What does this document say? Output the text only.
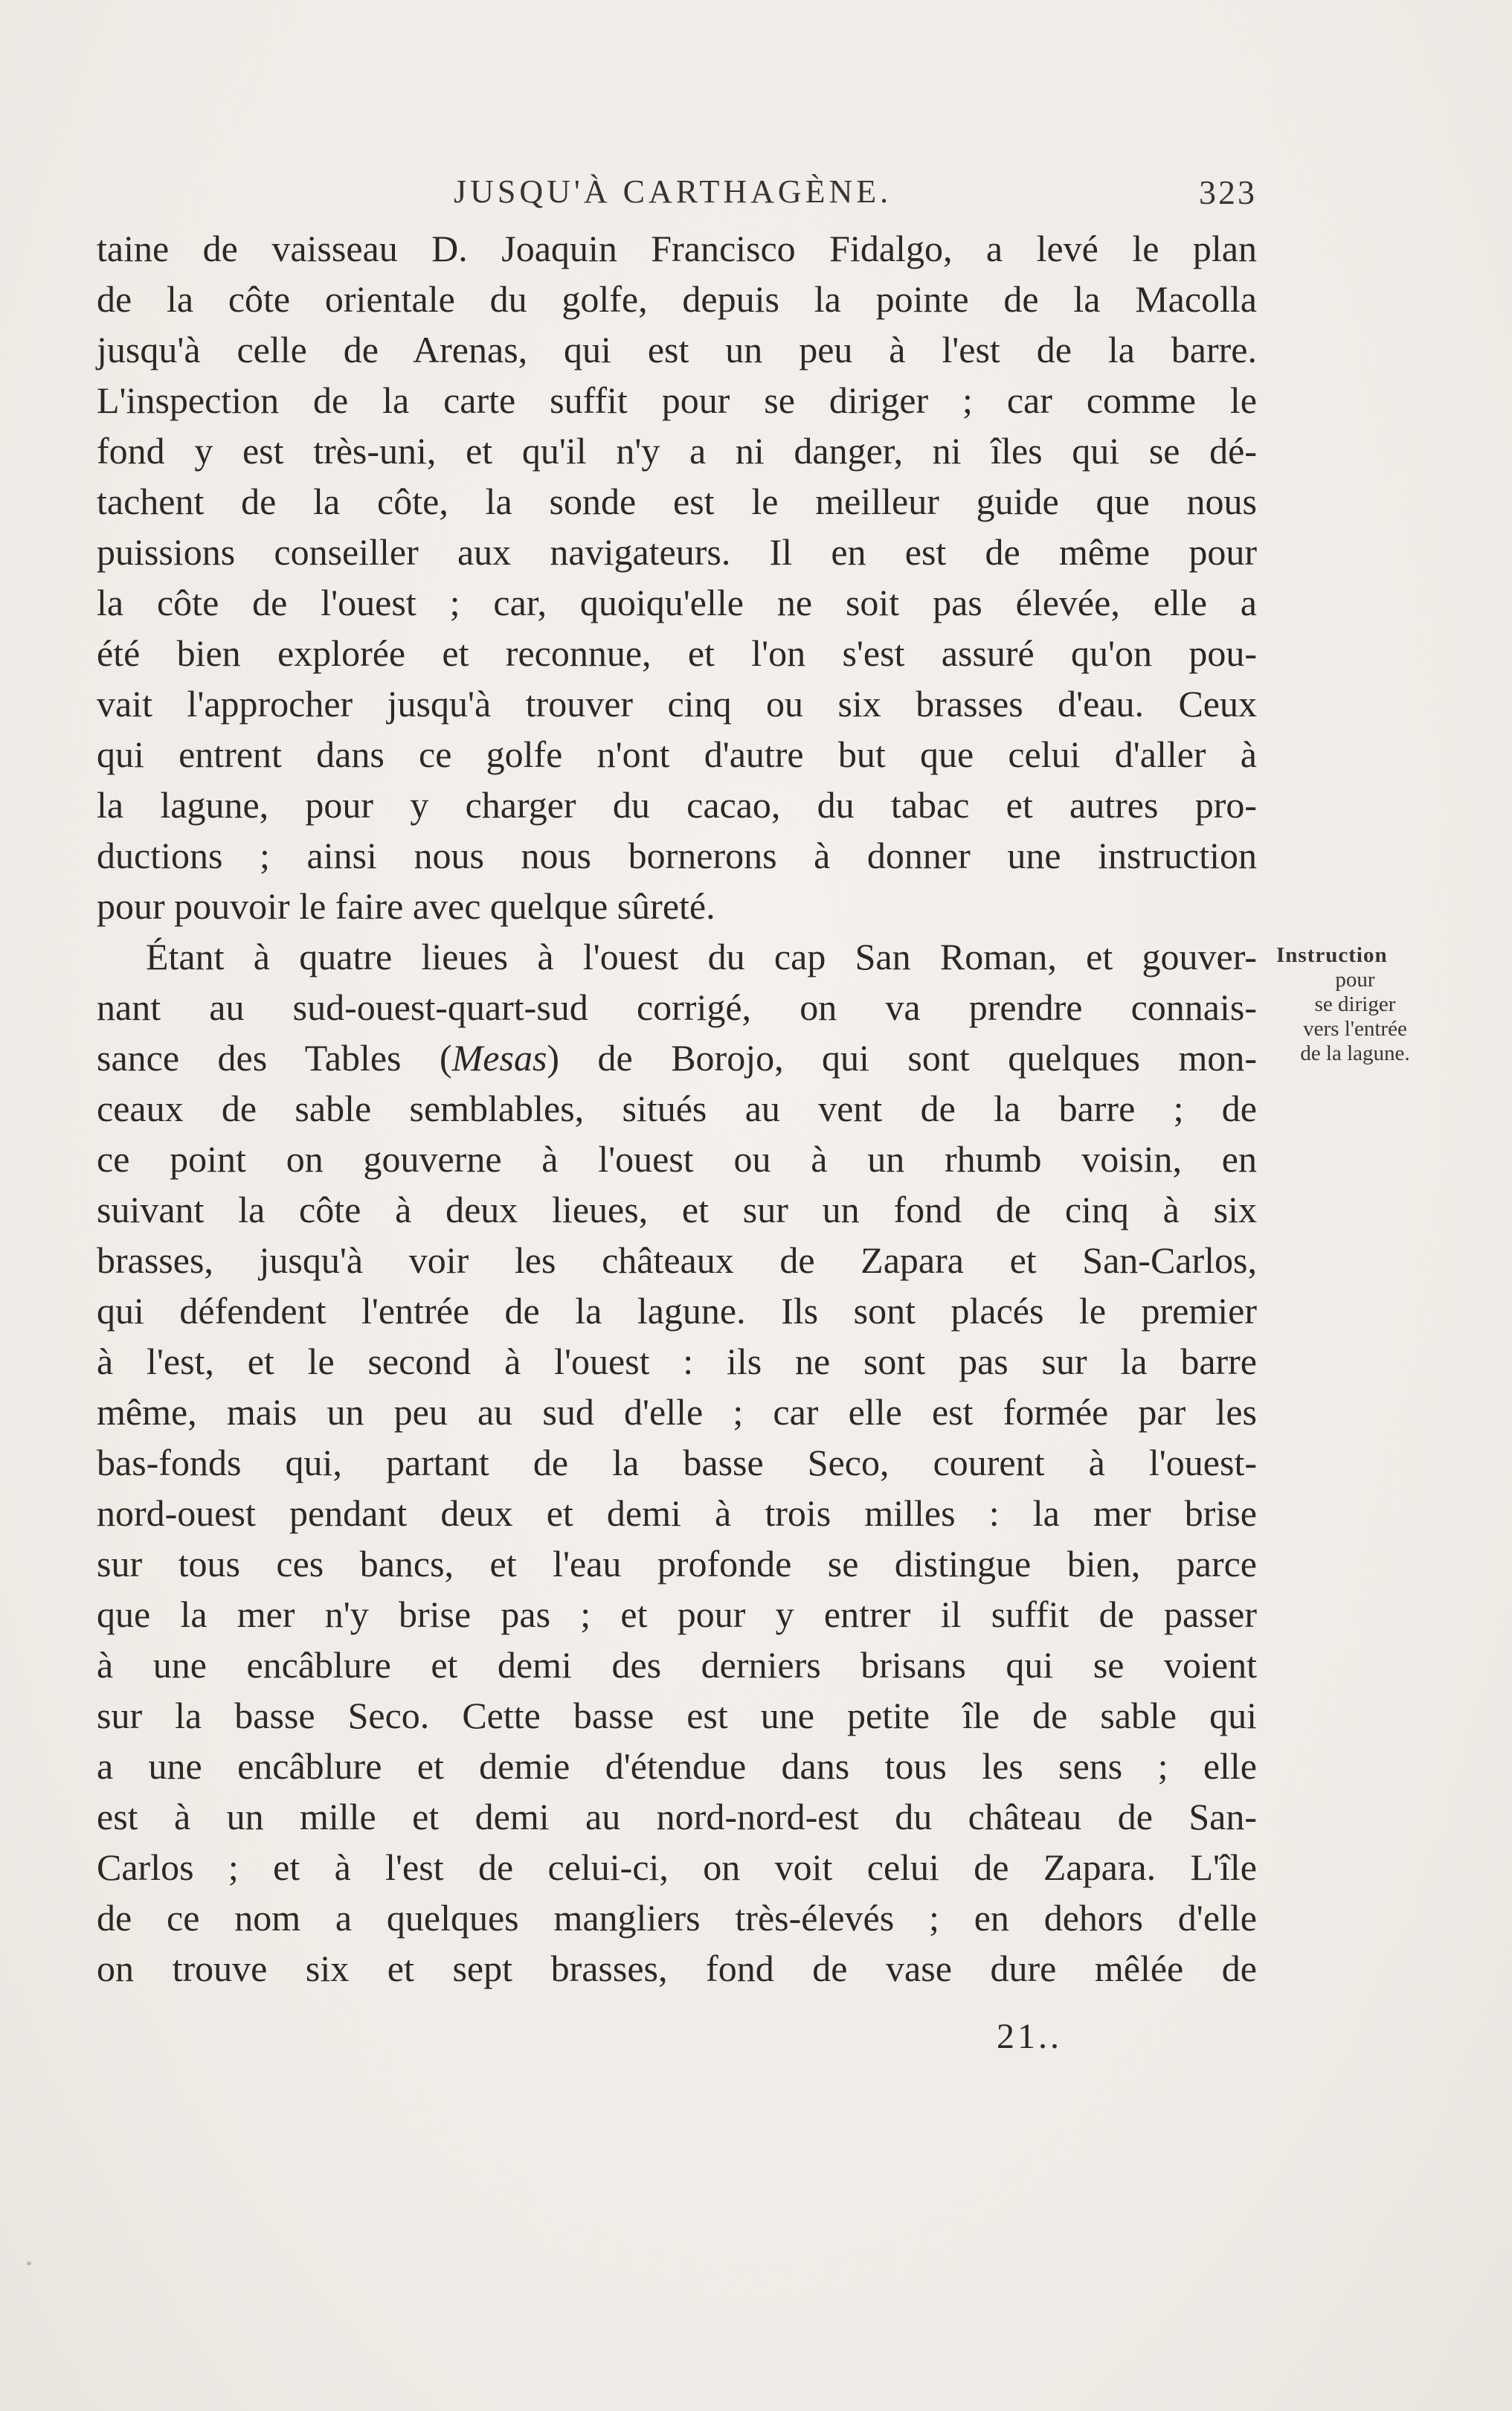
JUSQU'À CARTHAGÈNE.	323
taine de vaisseau D. Joaquin Francisco Fidalgo, a levé le plan
de la côte orientale du golfe, depuis la pointe de la Macolla
jusqu'à celle de Arenas, qui est un peu à l'est de la barre.
L'inspection de la carte suffit pour se diriger ; car comme le
fond y est très-uni, et qu'il n'y a ni danger, ni îles qui se dé-
tachent de la côte, la sonde est le meilleur guide que nous
puissions conseiller aux navigateurs. Il en est de même pour
la côte de l'ouest ; car, quoiqu'elle ne soit pas élevée, elle a
été bien explorée et reconnue, et l'on s'est assuré qu'on pou-
vait l'approcher jusqu'à trouver cinq ou six brasses d'eau. Ceux
qui entrent dans ce golfe n'ont d'autre but que celui d'aller à
la lagune, pour y charger du cacao, du tabac et autres pro-
ductions ; ainsi nous nous bornerons à donner une instruction
pour pouvoir le faire avec quelque sûreté.
Étant à quatre lieues à l'ouest du cap San Roman, et gouver-
nant au sud-ouest-quart-sud corrigé, on va prendre connais-
sance des Tables (Mesas) de Borojo, qui sont quelques mon-
ceaux de sable semblables, situés au vent de la barre ; de
ce point on gouverne à l'ouest ou à un rhumb voisin, en
suivant la côte à deux lieues, et sur un fond de cinq à six
brasses, jusqu'à voir les châteaux de Zapara et San-Carlos,
qui défendent l'entrée de la lagune. Ils sont placés le premier
à l'est, et le second à l'ouest : ils ne sont pas sur la barre
même, mais un peu au sud d'elle ; car elle est formée par les
bas-fonds qui, partant de la basse Seco, courent à l'ouest-
nord-ouest pendant deux et demi à trois milles : la mer brise
sur tous ces bancs, et l'eau profonde se distingue bien, parce
que la mer n'y brise pas ; et pour y entrer il suffit de passer
à une encâblure et demi des derniers brisans qui se voient
sur la basse Seco. Cette basse est une petite île de sable qui
a une encâblure et demie d'étendue dans tous les sens ; elle
est à un mille et demi au nord-nord-est du château de San-
Carlos ; et à l'est de celui-ci, on voit celui de Zapara. L'île
de ce nom a quelques mangliers très-élevés ; en dehors d'elle
on trouve six et sept brasses, fond de vase dure mêlée de
Instruction
pour
se diriger
vers l'entrée
de la lagune.
21..
